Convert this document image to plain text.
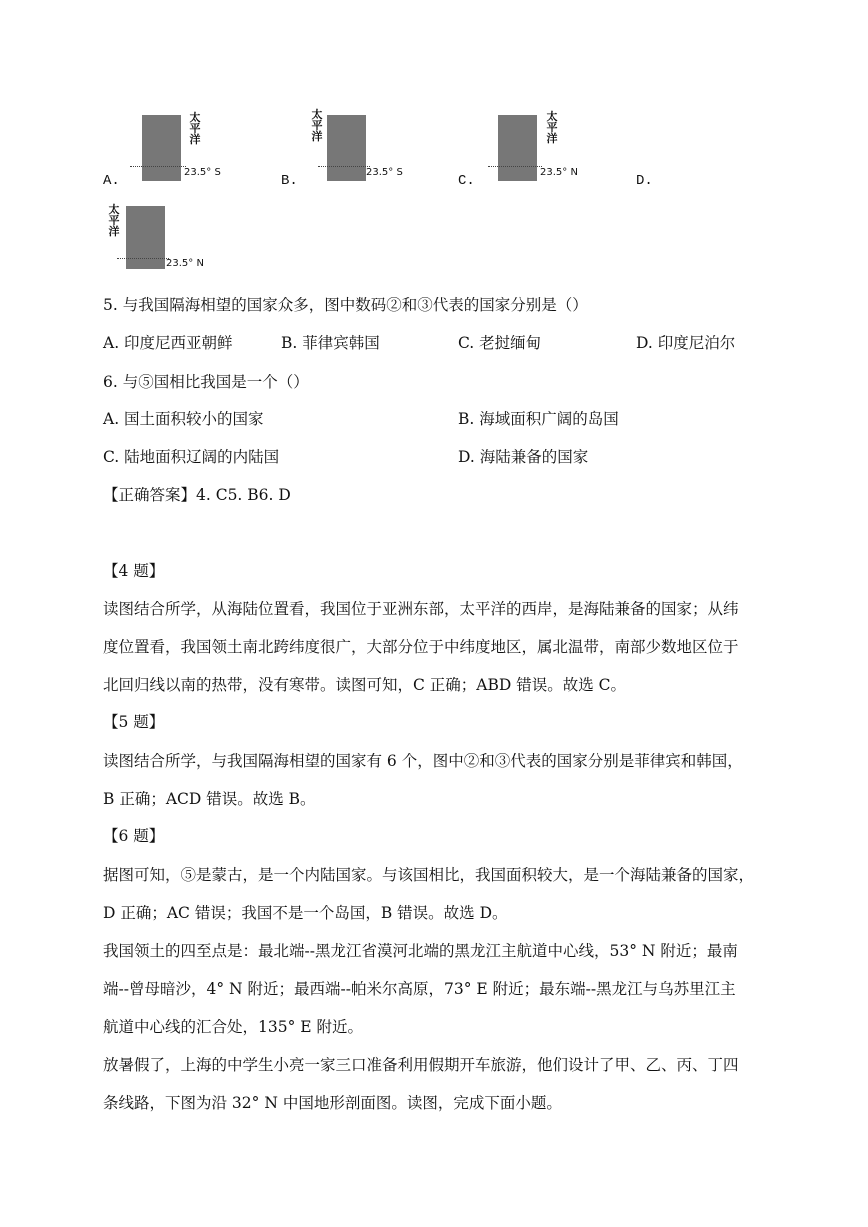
A.
太平洋
23.5° S
B.
太平洋
23.5° S
C.
太平洋
23.5° N
D.
太平洋
23.5° N
5. 与我国隔海相望的国家众多，图中数码②和③代表的国家分别是（）
A. 印度尼西亚朝鲜	B. 菲律宾韩国	C. 老挝缅甸	D. 印度尼泊尔
6. 与⑤国相比我国是一个（）
A. 国土面积较小的国家	B. 海域面积广阔的岛国
C. 陆地面积辽阔的内陆国	D. 海陆兼备的国家
【正确答案】4. C5. B6. D
【4 题】
读图结合所学，从海陆位置看，我国位于亚洲东部，太平洋的西岸，是海陆兼备的国家；从纬
度位置看，我国领土南北跨纬度很广，大部分位于中纬度地区，属北温带，南部少数地区位于
北回归线以南的热带，没有寒带。读图可知，C 正确；ABD 错误。故选 C。
【5 题】
读图结合所学，与我国隔海相望的国家有 6 个，图中②和③代表的国家分别是菲律宾和韩国，
B 正确；ACD 错误。故选 B。
【6 题】
据图可知，⑤是蒙古，是一个内陆国家。与该国相比，我国面积较大，是一个海陆兼备的国家，
D 正确；AC 错误；我国不是一个岛国，B 错误。故选 D。
我国领土的四至点是：最北端--黑龙江省漠河北端的黑龙江主航道中心线，53° N 附近；最南
端--曾母暗沙，4° N 附近；最西端--帕米尔高原，73° E 附近；最东端--黑龙江与乌苏里江主
航道中心线的汇合处，135° E 附近。
放暑假了，上海的中学生小亮一家三口准备利用假期开车旅游，他们设计了甲、乙、丙、丁四
条线路，下图为沿 32° N 中国地形剖面图。读图，完成下面小题。
